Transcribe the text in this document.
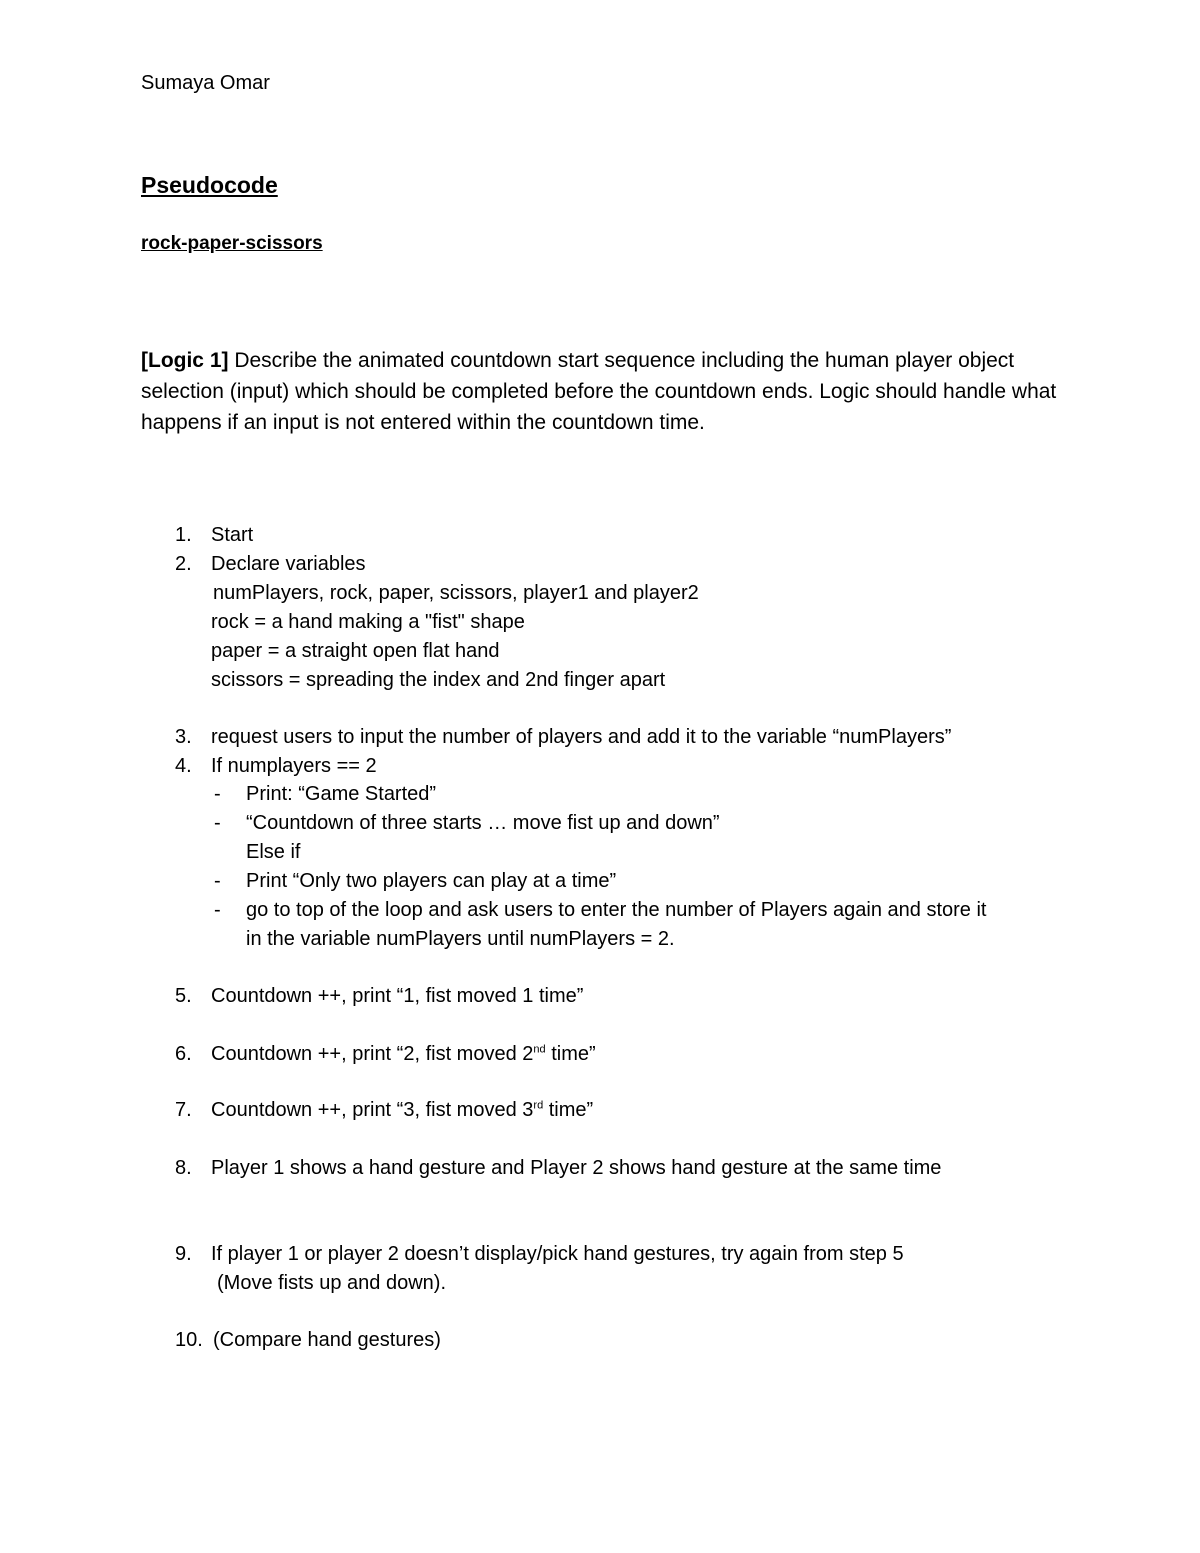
Sumaya Omar
Pseudocode
rock-paper-scissors
[Logic 1] Describe the animated countdown start sequence including the human player object selection (input) which should be completed before the countdown ends. Logic should handle what happens if an input is not entered within the countdown time.
1. Start
2. Declare variables
numPlayers, rock, paper, scissors, player1 and player2
rock = a hand making a "fist" shape
paper = a straight open flat hand
scissors = spreading the index and 2nd finger apart
3. request users to input the number of players and add it to the variable “numPlayers”
4. If numplayers == 2
- Print: “Game Started”
- “Countdown of three starts … move fist up and down”
Else if
- Print “Only two players can play at a time”
- go to top of the loop and ask users to enter the number of Players again and store it
in the variable numPlayers until numPlayers = 2.
5. Countdown ++, print “1, fist moved 1 time”
6. Countdown ++, print “2, fist moved 2nd time”
7. Countdown ++, print “3, fist moved 3rd time”
8. Player 1 shows a hand gesture and Player 2 shows hand gesture at the same time
9. If player 1 or player 2 doesn’t display/pick hand gestures, try again from step 5
(Move fists up and down).
10. (Compare hand gestures)
